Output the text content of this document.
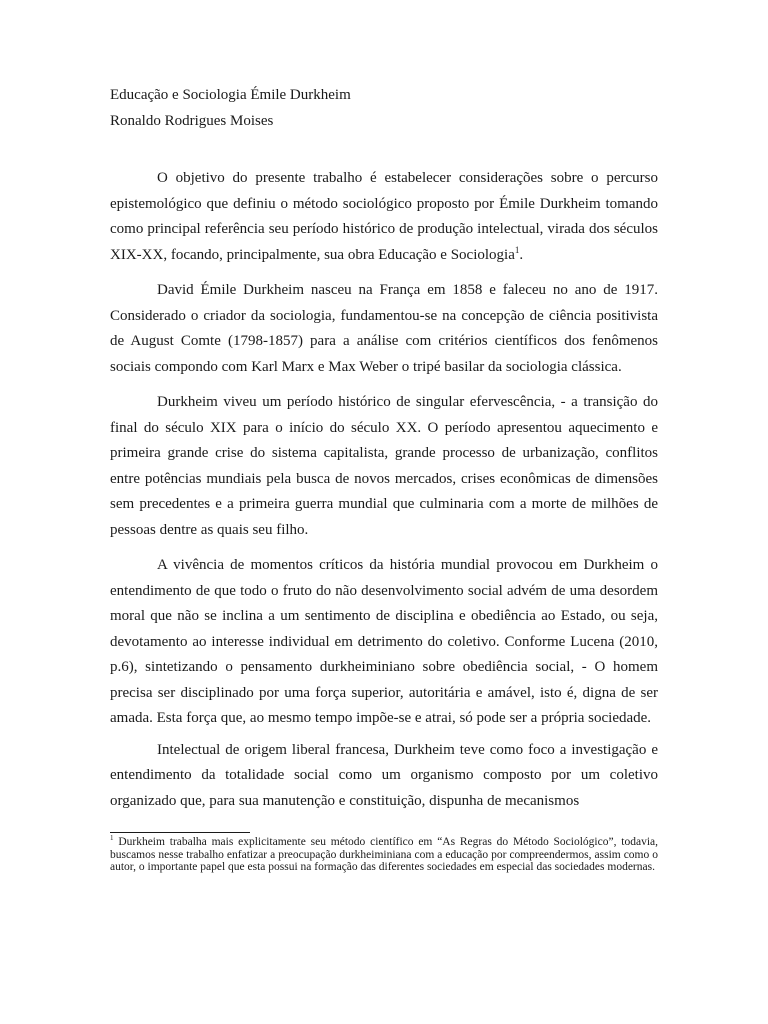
Educação e Sociologia Émile Durkheim

Ronaldo Rodrigues Moises

O objetivo do presente trabalho é estabelecer considerações sobre o percurso epistemológico que definiu o método sociológico proposto por Émile Durkheim tomando como principal referência seu período histórico de produção intelectual, virada dos séculos XIX-XX, focando, principalmente, sua obra Educação e Sociologia$^1$.

David Émile Durkheim nasceu na França em 1858 e faleceu no ano de 1917. Considerado o criador da sociologia, fundamentou-se na concepção de ciência positivista de August Comte (1798-1857) para a análise com critérios científicos dos fenômenos sociais compondo com Karl Marx e Max Weber o tripé basilar da sociologia clássica.

Durkheim viveu um período histórico de singular efervescência, - a transição do final do século XIX para o início do século XX. O período apresentou aquecimento e primeira grande crise do sistema capitalista, grande processo de urbanização, conflitos entre potências mundiais pela busca de novos mercados, crises econômicas de dimensões sem precedentes e a primeira guerra mundial que culminaria com a morte de milhões de pessoas dentre as quais seu filho.

A vivência de momentos críticos da história mundial provocou em Durkheim o entendimento de que todo o fruto do não desenvolvimento social advém de uma desordem moral que não se inclina a um sentimento de disciplina e obediência ao Estado, ou seja, devotamento ao interesse individual em detrimento do coletivo. Conforme Lucena (2010, p.6), sintetizando o pensamento durkheiminiano sobre obediência social, - O homem precisa ser disciplinado por uma força superior, autoritária e amável, isto é, digna de ser amada. Esta força que, ao mesmo tempo impõe-se e atrai, só pode ser a própria sociedade.

Intelectual de origem liberal francesa, Durkheim teve como foco a investigação e entendimento da totalidade social como um organismo composto por um coletivo organizado que, para sua manutenção e constituição, dispunha de mecanismos

$^1$ Durkheim trabalha mais explicitamente seu método científico em “As Regras do Método Sociológico”, todavia, buscamos nesse trabalho enfatizar a preocupação durkheiminiana com a educação por compreendermos, assim como o autor, o importante papel que esta possui na formação das diferentes sociedades em especial das sociedades modernas.
